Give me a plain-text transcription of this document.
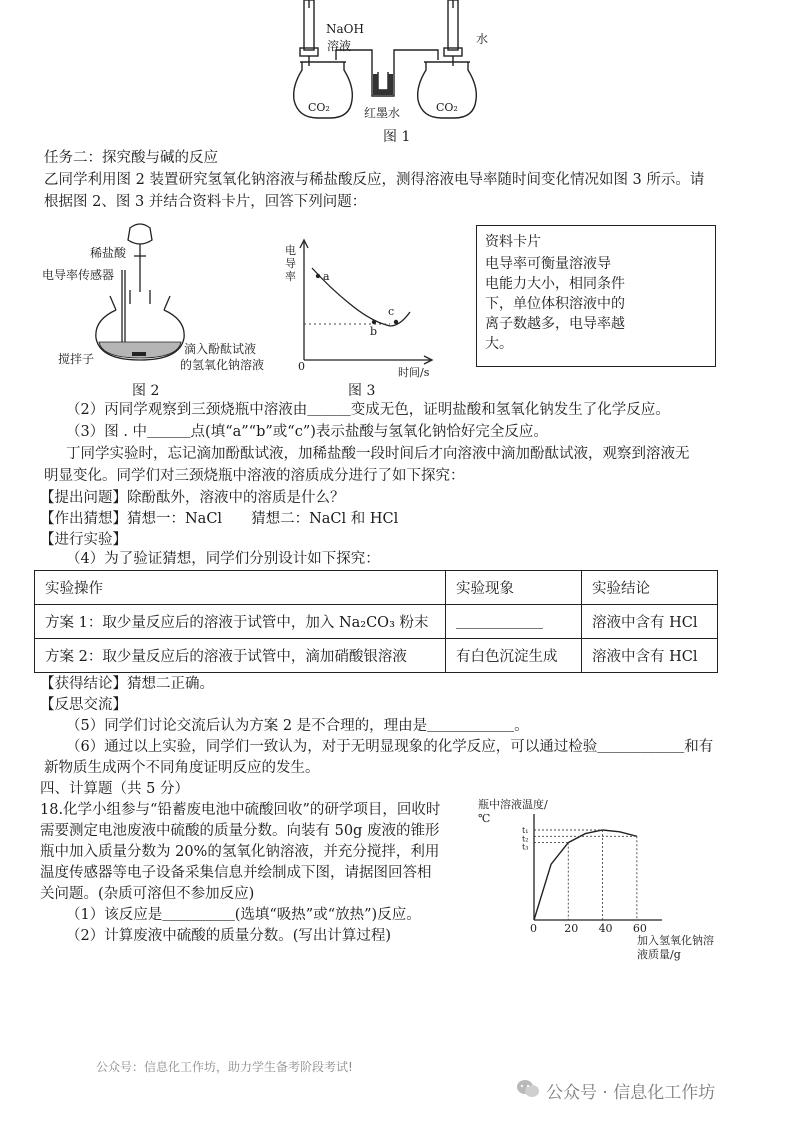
NaOH
溶液	水
CO₂	CO₂
红墨水
图 1
任务二：探究酸与碱的反应
乙同学利用图 2 装置研究氢氧化钠溶液与稀盐酸反应，测得溶液电导率随时间变化情况如图 3 所示。请
根据图 2、图 3 并结合资料卡片，回答下列问题：
稀盐酸
电导率传感器
搅拌子
滴入酚酞试液
的氢氧化钠溶液
图 2
电导率 a
b
c
0	时间/s
图 3
资料卡片
电导率可衡量溶液导
电能力大小，相同条件
下，单位体积溶液中的
离子数越多，电导率越
大。
（2）丙同学观察到三颈烧瓶中溶液由＿＿＿变成无色，证明盐酸和氢氧化钠发生了化学反应。
（3）图 . 中＿＿＿点(填“a”“b”或“c”)表示盐酸与氢氧化钠恰好完全反应。
丁同学实验时，忘记滴加酚酞试液，加稀盐酸一段时间后才向溶液中滴加酚酞试液，观察到溶液无
明显变化。同学们对三颈烧瓶中溶液的溶质成分进行了如下探究：
【提出问题】除酚酞外，溶液中的溶质是什么？
【作出猜想】猜想一：NaCl　　猜想二：NaCl 和 HCl
【进行实验】
（4）为了验证猜想，同学们分别设计如下探究：
实验操作	实验现象	实验结论
方案 1：取少量反应后的溶液于试管中，加入 Na₂CO₃ 粉末	＿＿＿＿＿＿	溶液中含有 HCl
方案 2：取少量反应后的溶液于试管中，滴加硝酸银溶液	有白色沉淀生成	溶液中含有 HCl
【获得结论】猜想二正确。
【反思交流】
（5）同学们讨论交流后认为方案 2 是不合理的，理由是＿＿＿＿＿＿。
（6）通过以上实验，同学们一致认为，对于无明显现象的化学反应，可以通过检验＿＿＿＿＿＿和有
新物质生成两个不同角度证明反应的发生。
四、计算题（共 5 分）
18.化学小组参与“铅蓄废电池中硫酸回收”的研学项目，回收时
需要测定电池废液中硫酸的质量分数。向装有 50g 废液的锥形
瓶中加入质量分数为 20%的氢氧化钠溶液，并充分搅拌，利用
温度传感器等电子设备采集信息并绘制成下图，请据图回答相
关问题。(杂质可溶但不参加反应)
（1）该反应是＿＿＿＿＿(选填“吸热”或“放热”)反应。
（2）计算废液中硫酸的质量分数。(写出计算过程)
瓶中溶液温度/℃
t₁
t₂
t₃
0 20 40 60
加入氢氧化钠溶液质量/g
公众号：信息化工作坊，助力学生备考阶段考试!
公众号 · 信息化工作坊
